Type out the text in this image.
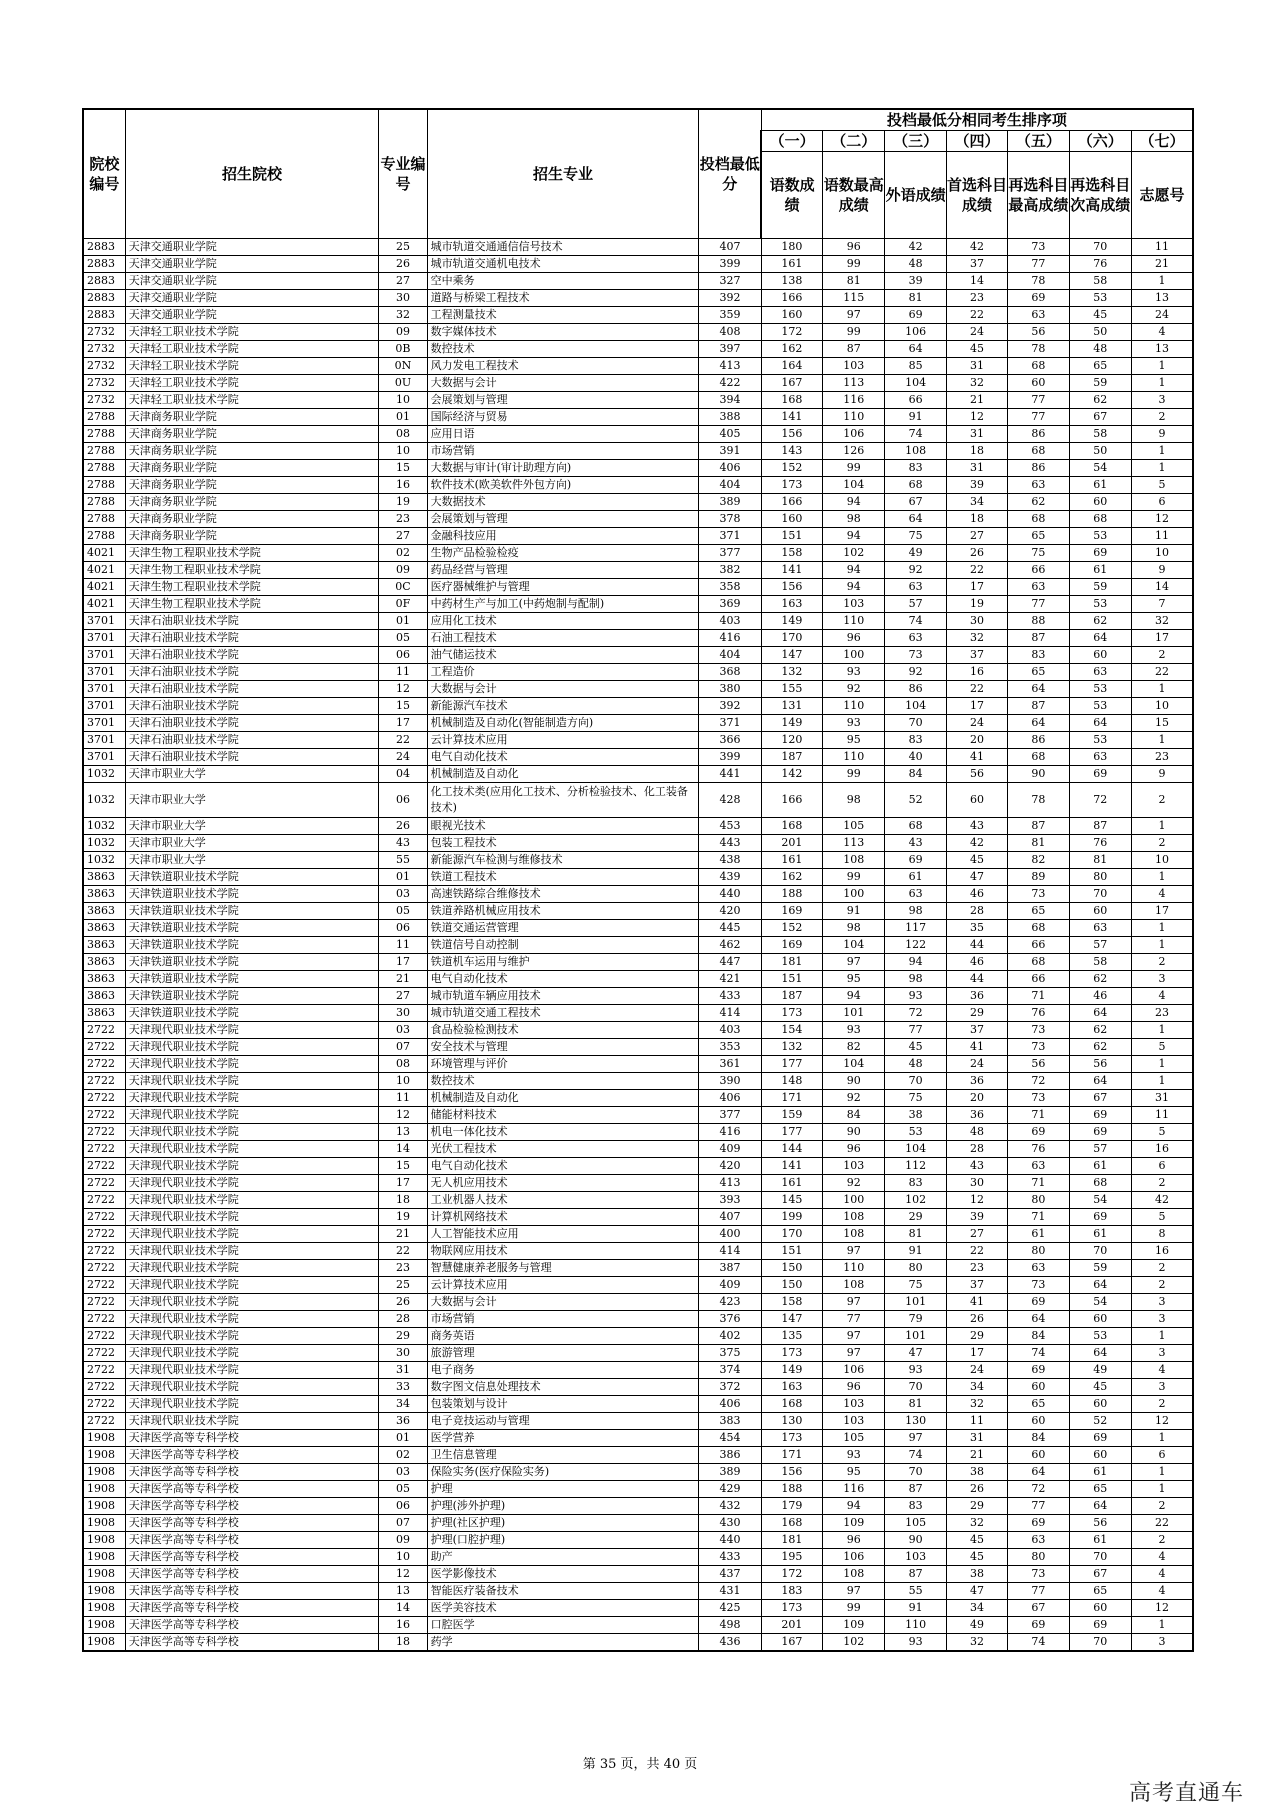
院校编号	招生院校	专业编号	招生专业	投档最低分	投档最低分相同考生排序项						
					（一）	（二）	（三）	（四）	（五）	（六）	（七）
					语数成绩	语数最高成绩	外语成绩	首选科目成绩	再选科目最高成绩	再选科目次高成绩	志愿号
2883	天津交通职业学院	25	城市轨道交通通信信号技术	407	180	96	42	42	73	70	11
2883	天津交通职业学院	26	城市轨道交通机电技术	399	161	99	48	37	77	76	21
2883	天津交通职业学院	27	空中乘务	327	138	81	39	14	78	58	1
2883	天津交通职业学院	30	道路与桥梁工程技术	392	166	115	81	23	69	53	13
2883	天津交通职业学院	32	工程测量技术	359	160	97	69	22	63	45	24
2732	天津轻工职业技术学院	09	数字媒体技术	408	172	99	106	24	56	50	4
2732	天津轻工职业技术学院	0B	数控技术	397	162	87	64	45	78	48	13
2732	天津轻工职业技术学院	0N	风力发电工程技术	413	164	103	85	31	68	65	1
2732	天津轻工职业技术学院	0U	大数据与会计	422	167	113	104	32	60	59	1
2732	天津轻工职业技术学院	10	会展策划与管理	394	168	116	66	21	77	62	3
2788	天津商务职业学院	01	国际经济与贸易	388	141	110	91	12	77	67	2
2788	天津商务职业学院	08	应用日语	405	156	106	74	31	86	58	9
2788	天津商务职业学院	10	市场营销	391	143	126	108	18	68	50	1
2788	天津商务职业学院	15	大数据与审计(审计助理方向)	406	152	99	83	31	86	54	1
2788	天津商务职业学院	16	软件技术(欧美软件外包方向)	404	173	104	68	39	63	61	5
2788	天津商务职业学院	19	大数据技术	389	166	94	67	34	62	60	6
2788	天津商务职业学院	23	会展策划与管理	378	160	98	64	18	68	68	12
2788	天津商务职业学院	27	金融科技应用	371	151	94	75	27	65	53	11
4021	天津生物工程职业技术学院	02	生物产品检验检疫	377	158	102	49	26	75	69	10
4021	天津生物工程职业技术学院	09	药品经营与管理	382	141	94	92	22	66	61	9
4021	天津生物工程职业技术学院	0C	医疗器械维护与管理	358	156	94	63	17	63	59	14
4021	天津生物工程职业技术学院	0F	中药材生产与加工(中药炮制与配制)	369	163	103	57	19	77	53	7
3701	天津石油职业技术学院	01	应用化工技术	403	149	110	74	30	88	62	32
3701	天津石油职业技术学院	05	石油工程技术	416	170	96	63	32	87	64	17
3701	天津石油职业技术学院	06	油气储运技术	404	147	100	73	37	83	60	2
3701	天津石油职业技术学院	11	工程造价	368	132	93	92	16	65	63	22
3701	天津石油职业技术学院	12	大数据与会计	380	155	92	86	22	64	53	1
3701	天津石油职业技术学院	15	新能源汽车技术	392	131	110	104	17	87	53	10
3701	天津石油职业技术学院	17	机械制造及自动化(智能制造方向)	371	149	93	70	24	64	64	15
3701	天津石油职业技术学院	22	云计算技术应用	366	120	95	83	20	86	53	1
3701	天津石油职业技术学院	24	电气自动化技术	399	187	110	40	41	68	63	23
1032	天津市职业大学	04	机械制造及自动化	441	142	99	84	56	90	69	9
1032	天津市职业大学	06	化工技术类(应用化工技术、分析检验技术、化工装备技术)	428	166	98	52	60	78	72	2
1032	天津市职业大学	26	眼视光技术	453	168	105	68	43	87	87	1
1032	天津市职业大学	43	包装工程技术	443	201	113	43	42	81	76	2
1032	天津市职业大学	55	新能源汽车检测与维修技术	438	161	108	69	45	82	81	10
3863	天津铁道职业技术学院	01	铁道工程技术	439	162	99	61	47	89	80	1
3863	天津铁道职业技术学院	03	高速铁路综合维修技术	440	188	100	63	46	73	70	4
3863	天津铁道职业技术学院	05	铁道养路机械应用技术	420	169	91	98	28	65	60	17
3863	天津铁道职业技术学院	06	铁道交通运营管理	445	152	98	117	35	68	63	1
3863	天津铁道职业技术学院	11	铁道信号自动控制	462	169	104	122	44	66	57	1
3863	天津铁道职业技术学院	17	铁道机车运用与维护	447	181	97	94	46	68	58	2
3863	天津铁道职业技术学院	21	电气自动化技术	421	151	95	98	44	66	62	3
3863	天津铁道职业技术学院	27	城市轨道车辆应用技术	433	187	94	93	36	71	46	4
3863	天津铁道职业技术学院	30	城市轨道交通工程技术	414	173	101	72	29	76	64	23
2722	天津现代职业技术学院	03	食品检验检测技术	403	154	93	77	37	73	62	1
2722	天津现代职业技术学院	07	安全技术与管理	353	132	82	45	41	73	62	5
2722	天津现代职业技术学院	08	环境管理与评价	361	177	104	48	24	56	56	1
2722	天津现代职业技术学院	10	数控技术	390	148	90	70	36	72	64	1
2722	天津现代职业技术学院	11	机械制造及自动化	406	171	92	75	20	73	67	31
2722	天津现代职业技术学院	12	储能材料技术	377	159	84	38	36	71	69	11
2722	天津现代职业技术学院	13	机电一体化技术	416	177	90	53	48	69	69	5
2722	天津现代职业技术学院	14	光伏工程技术	409	144	96	104	28	76	57	16
2722	天津现代职业技术学院	15	电气自动化技术	420	141	103	112	43	63	61	6
2722	天津现代职业技术学院	17	无人机应用技术	413	161	92	83	30	71	68	2
2722	天津现代职业技术学院	18	工业机器人技术	393	145	100	102	12	80	54	42
2722	天津现代职业技术学院	19	计算机网络技术	407	199	108	29	39	71	69	5
2722	天津现代职业技术学院	21	人工智能技术应用	400	170	108	81	27	61	61	8
2722	天津现代职业技术学院	22	物联网应用技术	414	151	97	91	22	80	70	16
2722	天津现代职业技术学院	23	智慧健康养老服务与管理	387	150	110	80	23	63	59	2
2722	天津现代职业技术学院	25	云计算技术应用	409	150	108	75	37	73	64	2
2722	天津现代职业技术学院	26	大数据与会计	423	158	97	101	41	69	54	3
2722	天津现代职业技术学院	28	市场营销	376	147	77	79	26	64	60	3
2722	天津现代职业技术学院	29	商务英语	402	135	97	101	29	84	53	1
2722	天津现代职业技术学院	30	旅游管理	375	173	97	47	17	74	64	3
2722	天津现代职业技术学院	31	电子商务	374	149	106	93	24	69	49	4
2722	天津现代职业技术学院	33	数字图文信息处理技术	372	163	96	70	34	60	45	3
2722	天津现代职业技术学院	34	包装策划与设计	406	168	103	81	32	65	60	2
2722	天津现代职业技术学院	36	电子竞技运动与管理	383	130	103	130	11	60	52	12
1908	天津医学高等专科学校	01	医学营养	454	173	105	97	31	84	69	1
1908	天津医学高等专科学校	02	卫生信息管理	386	171	93	74	21	60	60	6
1908	天津医学高等专科学校	03	保险实务(医疗保险实务)	389	156	95	70	38	64	61	1
1908	天津医学高等专科学校	05	护理	429	188	116	87	26	72	65	1
1908	天津医学高等专科学校	06	护理(涉外护理)	432	179	94	83	29	77	64	2
1908	天津医学高等专科学校	07	护理(社区护理)	430	168	109	105	32	69	56	22
1908	天津医学高等专科学校	09	护理(口腔护理)	440	181	96	90	45	63	61	2
1908	天津医学高等专科学校	10	助产	433	195	106	103	45	80	70	4
1908	天津医学高等专科学校	12	医学影像技术	437	172	108	87	38	73	67	4
1908	天津医学高等专科学校	13	智能医疗装备技术	431	183	97	55	47	77	65	4
1908	天津医学高等专科学校	14	医学美容技术	425	173	99	91	34	67	60	12
1908	天津医学高等专科学校	16	口腔医学	498	201	109	110	49	69	69	1
1908	天津医学高等专科学校	18	药学	436	167	102	93	32	74	70	3
第 35 页，共 40 页
高考直通车
